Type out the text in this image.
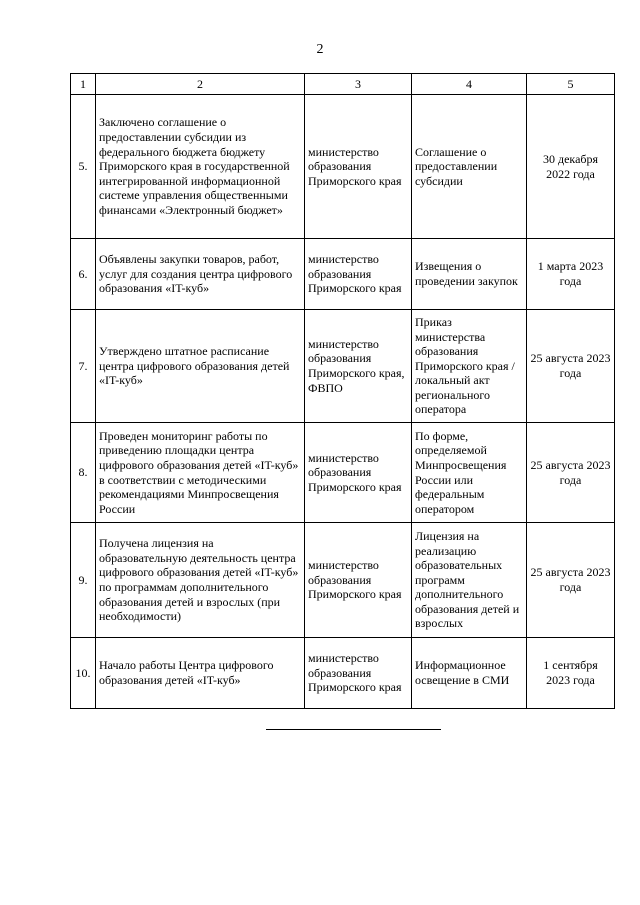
2
1	2	3	4	5
5.	Заключено соглашение о предоставлении субсидии из федерального бюджета бюджету Приморского края в государственной интегрированной информационной системе управления общественными финансами «Электронный бюджет»	министерство образования Приморского края	Соглашение о предоставлении субсидии	30 декабря 2022 года
6.	Объявлены закупки товаров, работ, услуг для создания центра цифрового образования «IT-куб»	министерство образования Приморского края	Извещения о проведении закупок	1 марта 2023 года
7.	Утверждено штатное расписание центра цифрового образования детей «IT-куб»	министерство образования Приморского края, ФВПО	Приказ министерства образования Приморского края /локальный акт регионального оператора	25 августа 2023 года
8.	Проведен мониторинг работы по приведению площадки центра цифрового образования детей «IT-куб» в соответствии с методическими рекомендациями Минпросвещения России	министерство образования Приморского края	По форме, определяемой Минпросвещения России или федеральным оператором	25 августа 2023 года
9.	Получена лицензия на образовательную деятельность центра цифрового образования детей «IT-куб» по программам дополнительного образования детей и взрослых (при необходимости)	министерство образования Приморского края	Лицензия на реализацию образовательных программ дополнительного образования детей и взрослых	25 августа 2023 года
10.	Начало работы Центра цифрового образования детей «IT-куб»	министерство образования Приморского края	Информационное освещение в СМИ	1 сентября 2023 года
